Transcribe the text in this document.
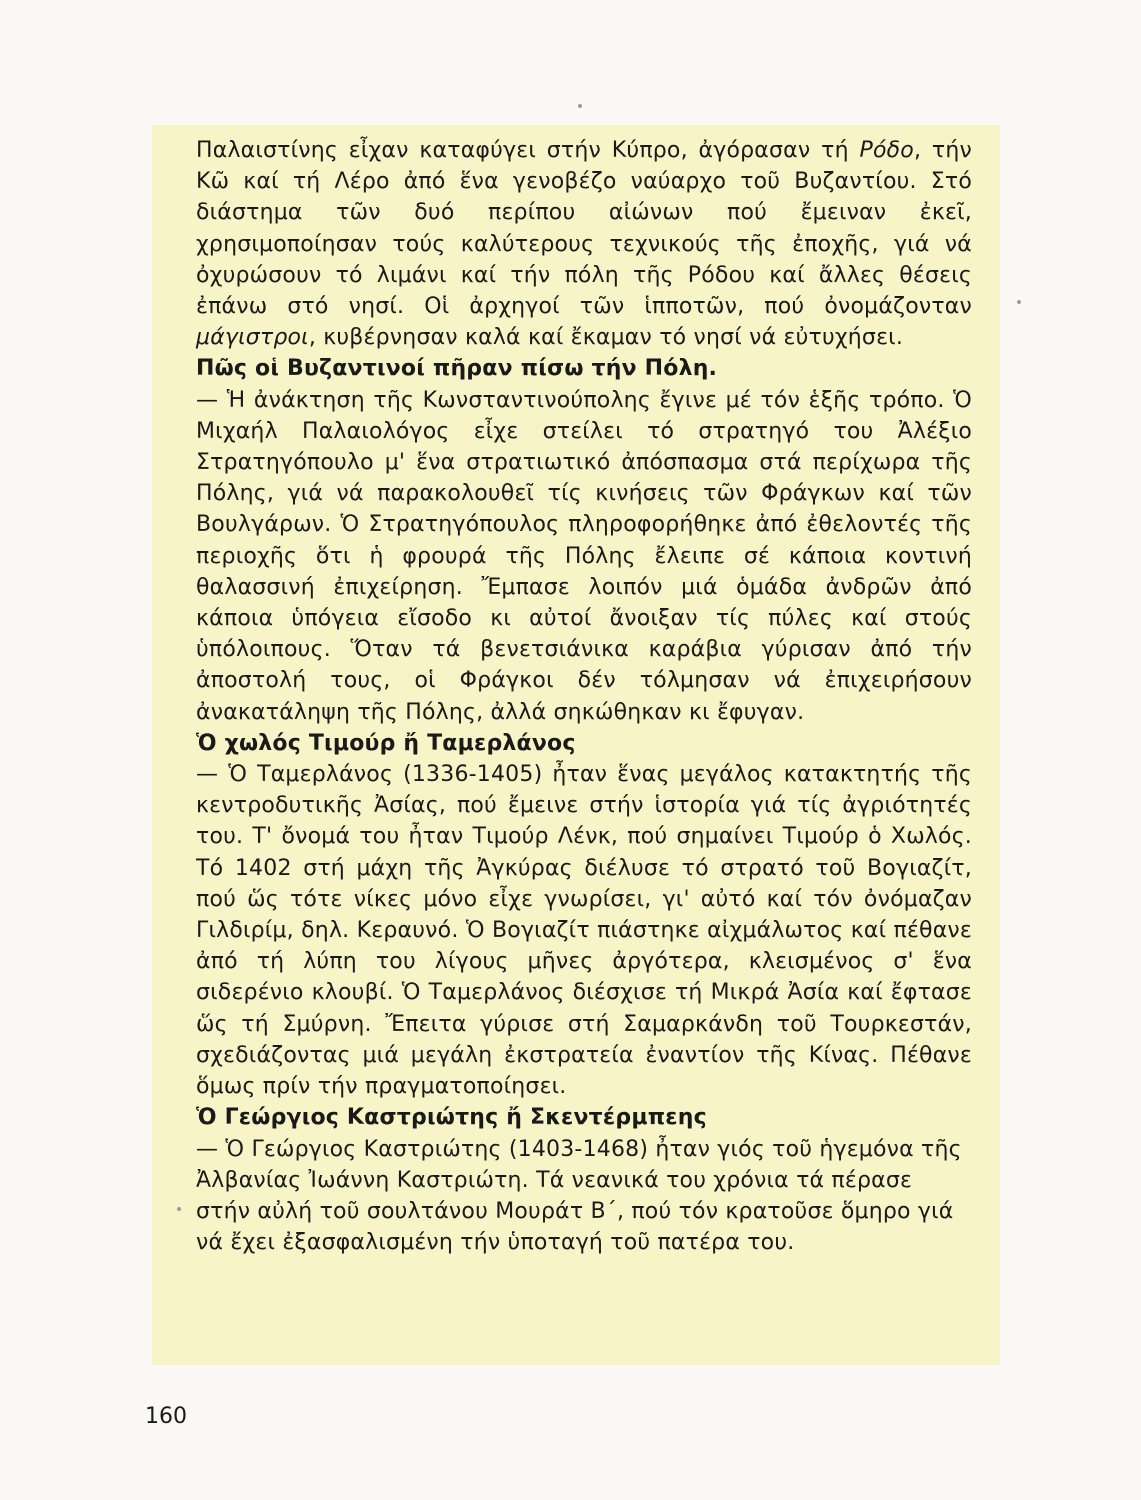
Παλαιστίνης εἶχαν καταφύγει στήν Κύπρο, ἀγόρασαν τή Ρόδο, τήν Κῶ καί τή Λέρο ἀπό ἕνα γενοβέζο ναύαρχο τοῦ Βυζαντίου. Στό διάστημα τῶν δυό περίπου αἰώνων πού ἔμειναν ἐκεῖ, χρησιμοποίησαν τούς καλύτερους τεχνικούς τῆς ἐποχῆς, γιά νά ὀχυρώσουν τό λιμάνι καί τήν πόλη τῆς Ρόδου καί ἄλλες θέσεις ἐπάνω στό νησί. Οἱ ἀρχηγοί τῶν ἱπποτῶν, πού ὀνομάζονταν μάγιστροι, κυβέρνησαν καλά καί ἔκαμαν τό νησί νά εὐτυχήσει.

Πῶς οἱ Βυζαντινοί πῆραν πίσω τήν Πόλη.

— Ἡ ἀνάκτηση τῆς Κωνσταντινούπολης ἔγινε μέ τόν ἑξῆς τρόπο. Ὁ Μιχαήλ Παλαιολόγος εἶχε στείλει τό στρατηγό του Ἀλέξιο Στρατηγόπουλο μ' ἕνα στρατιωτικό ἀπόσπασμα στά περίχωρα τῆς Πόλης, γιά νά παρακολουθεῖ τίς κινήσεις τῶν Φράγκων καί τῶν Βουλγάρων. Ὁ Στρατηγόπουλος πληροφορήθηκε ἀπό ἐθελοντές τῆς περιοχῆς ὅτι ἡ φρουρά τῆς Πόλης ἔλειπε σέ κάποια κοντινή θαλασσινή ἐπιχείρηση. Ἔμπασε λοιπόν μιά ὁμάδα ἀνδρῶν ἀπό κάποια ὑπόγεια εἴσοδο κι αὐτοί ἄνοιξαν τίς πύλες καί στούς ὑπόλοιπους. Ὅταν τά βενετσιάνικα καράβια γύρισαν ἀπό τήν ἀποστολή τους, οἱ Φράγκοι δέν τόλμησαν νά ἐπιχειρήσουν ἀνακατάληψη τῆς Πόλης, ἀλλά σηκώθηκαν κι ἔφυγαν.

Ὁ χωλός Τιμούρ ἤ Ταμερλάνος

— Ὁ Ταμερλάνος (1336-1405) ἦταν ἕνας μεγάλος κατακτητής τῆς κεντροδυτικῆς Ἀσίας, πού ἔμεινε στήν ἱστορία γιά τίς ἀγριότητές του. Τ' ὄνομά του ἦταν Τιμούρ Λένκ, πού σημαίνει Τιμούρ ὁ Χωλός. Τό 1402 στή μάχη τῆς Ἀγκύρας διέλυσε τό στρατό τοῦ Βογιαζίτ, πού ὥς τότε νίκες μόνο εἶχε γνωρίσει, γι' αὐτό καί τόν ὀνόμαζαν Γιλδιρίμ, δηλ. Κεραυνό. Ὁ Βογιαζίτ πιάστηκε αἰχμάλωτος καί πέθανε ἀπό τή λύπη του λίγους μῆνες ἀργότερα, κλεισμένος σ' ἕνα σιδερένιο κλουβί. Ὁ Ταμερλάνος διέσχισε τή Μικρά Ἀσία καί ἔφτασε ὥς τή Σμύρνη. Ἔπειτα γύρισε στή Σαμαρκάνδη τοῦ Τουρκεστάν, σχεδιάζοντας μιά μεγάλη ἐκστρατεία ἐναντίον τῆς Κίνας. Πέθανε ὅμως πρίν τήν πραγματοποίησει.

Ὁ Γεώργιος Καστριώτης ἤ Σκεντέρμπεης

— Ὁ Γεώργιος Καστριώτης (1403-1468) ἦταν γιός τοῦ ἡγεμόνα τῆς Ἀλβανίας Ἰωάννη Καστριώτη. Τά νεανικά του χρόνια τά πέρασε στήν αὐλή τοῦ σουλτάνου Μουράτ Β΄, πού τόν κρατοῦσε ὅμηρο γιά νά ἔχει ἐξασφαλισμένη τήν ὑποταγή τοῦ πατέρα του.

160
